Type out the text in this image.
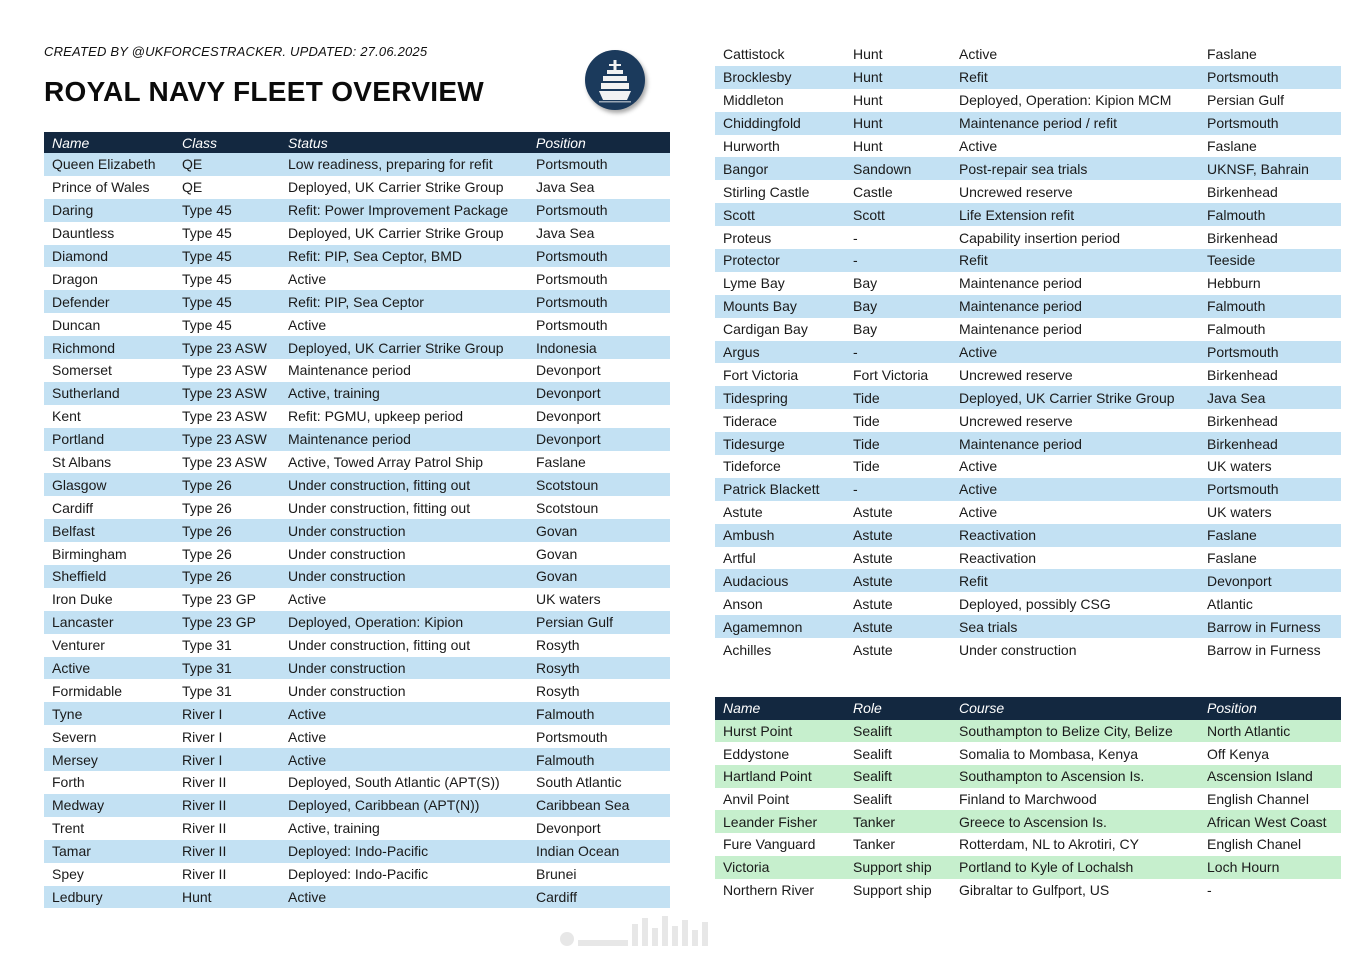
CREATED BY @UKFORCESTRACKER. UPDATED: 27.06.2025
ROYAL NAVY FLEET OVERVIEW
Name	Class	Status	Position
Queen Elizabeth	QE	Low readiness, preparing for refit	Portsmouth
Prince of Wales	QE	Deployed, UK Carrier Strike Group	Java Sea
Daring	Type 45	Refit: Power Improvement Package	Portsmouth
Dauntless	Type 45	Deployed, UK Carrier Strike Group	Java Sea
Diamond	Type 45	Refit: PIP, Sea Ceptor, BMD	Portsmouth
Dragon	Type 45	Active	Portsmouth
Defender	Type 45	Refit: PIP, Sea Ceptor	Portsmouth
Duncan	Type 45	Active	Portsmouth
Richmond	Type 23 ASW	Deployed, UK Carrier Strike Group	Indonesia
Somerset	Type 23 ASW	Maintenance period	Devonport
Sutherland	Type 23 ASW	Active, training	Devonport
Kent	Type 23 ASW	Refit: PGMU, upkeep period	Devonport
Portland	Type 23 ASW	Maintenance period	Devonport
St Albans	Type 23 ASW	Active, Towed Array Patrol Ship	Faslane
Glasgow	Type 26	Under construction, fitting out	Scotstoun
Cardiff	Type 26	Under construction, fitting out	Scotstoun
Belfast	Type 26	Under construction	Govan
Birmingham	Type 26	Under construction	Govan
Sheffield	Type 26	Under construction	Govan
Iron Duke	Type 23 GP	Active	UK waters
Lancaster	Type 23 GP	Deployed, Operation: Kipion	Persian Gulf
Venturer	Type 31	Under construction, fitting out	Rosyth
Active	Type 31	Under construction	Rosyth
Formidable	Type 31	Under construction	Rosyth
Tyne	River I	Active	Falmouth
Severn	River I	Active	Portsmouth
Mersey	River I	Active	Falmouth
Forth	River II	Deployed, South Atlantic (APT(S))	South Atlantic
Medway	River II	Deployed, Caribbean (APT(N))	Caribbean Sea
Trent	River II	Active, training	Devonport
Tamar	River II	Deployed: Indo-Pacific	Indian Ocean
Spey	River II	Deployed: Indo-Pacific	Brunei
Ledbury	Hunt	Active	Cardiff
Cattistock	Hunt	Active	Faslane
Brocklesby	Hunt	Refit	Portsmouth
Middleton	Hunt	Deployed, Operation: Kipion MCM	Persian Gulf
Chiddingfold	Hunt	Maintenance period / refit	Portsmouth
Hurworth	Hunt	Active	Faslane
Bangor	Sandown	Post-repair sea trials	UKNSF, Bahrain
Stirling Castle	Castle	Uncrewed reserve	Birkenhead
Scott	Scott	Life Extension refit	Falmouth
Proteus	-	Capability insertion period	Birkenhead
Protector	-	Refit	Teeside
Lyme Bay	Bay	Maintenance period	Hebburn
Mounts Bay	Bay	Maintenance period	Falmouth
Cardigan Bay	Bay	Maintenance period	Falmouth
Argus	-	Active	Portsmouth
Fort Victoria	Fort Victoria	Uncrewed reserve	Birkenhead
Tidespring	Tide	Deployed, UK Carrier Strike Group	Java Sea
Tiderace	Tide	Uncrewed reserve	Birkenhead
Tidesurge	Tide	Maintenance period	Birkenhead
Tideforce	Tide	Active	UK waters
Patrick Blackett	-	Active	Portsmouth
Astute	Astute	Active	UK waters
Ambush	Astute	Reactivation	Faslane
Artful	Astute	Reactivation	Faslane
Audacious	Astute	Refit	Devonport
Anson	Astute	Deployed, possibly CSG	Atlantic
Agamemnon	Astute	Sea trials	Barrow in Furness
Achilles	Astute	Under construction	Barrow in Furness
Name	Role	Course	Position
Hurst Point	Sealift	Southampton to Belize City, Belize	North Atlantic
Eddystone	Sealift	Somalia to Mombasa, Kenya	Off Kenya
Hartland Point	Sealift	Southampton to Ascension Is.	Ascension Island
Anvil Point	Sealift	Finland to Marchwood	English Channel
Leander Fisher	Tanker	Greece to Ascension Is.	African West Coast
Fure Vanguard	Tanker	Rotterdam, NL to Akrotiri, CY	English Chanel
Victoria	Support ship	Portland to Kyle of Lochalsh	Loch Hourn
Northern River	Support ship	Gibraltar to Gulfport, US	-
